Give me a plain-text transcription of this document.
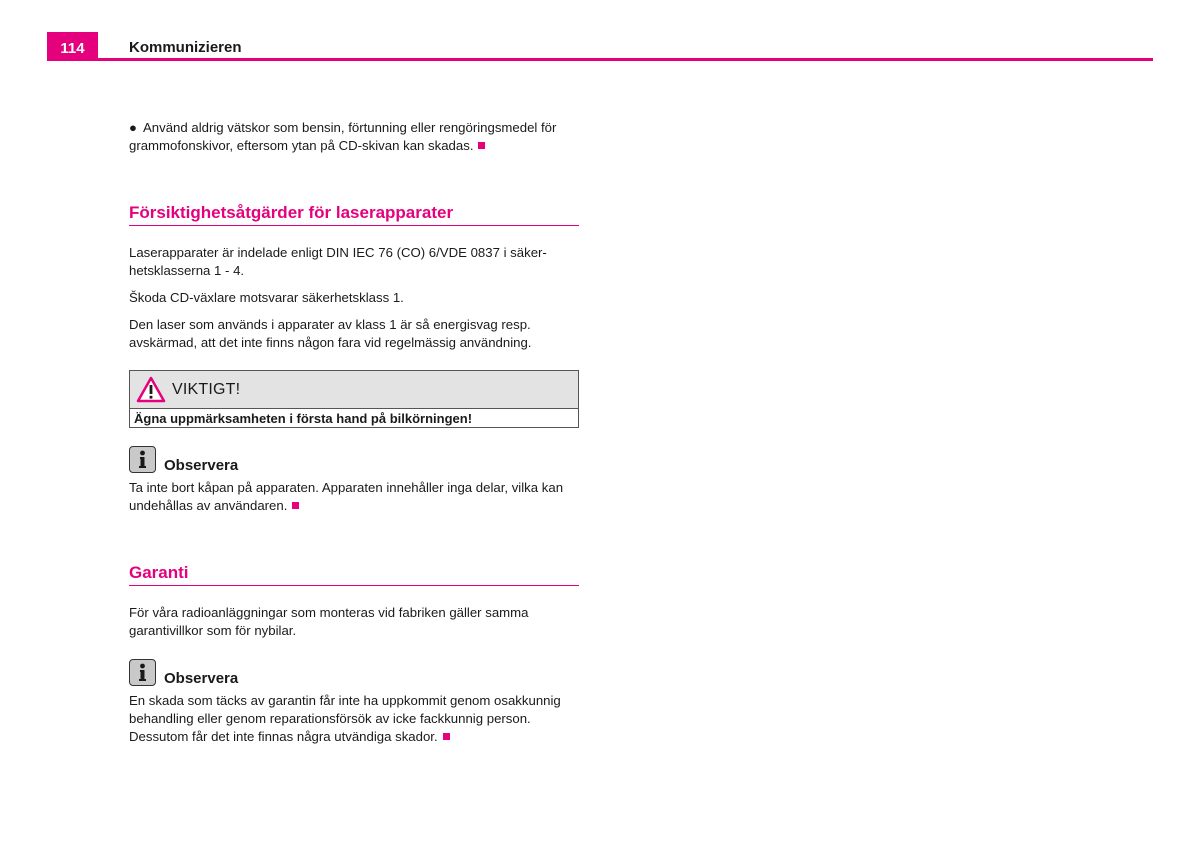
114	Kommunizieren

● Använd aldrig vätskor som bensin, förtunning eller rengöringsmedel för grammofonskivor, eftersom ytan på CD-skivan kan skadas.

Försiktighetsåtgärder för laserapparater

Laserapparater är indelade enligt DIN IEC 76 (CO) 6/VDE 0837 i säker-hetsklasserna 1 - 4.

Škoda CD-växlare motsvarar säkerhetsklass 1.

Den laser som används i apparater av klass 1 är så energisvag resp. avskärmad, att det inte finns någon fara vid regelmässig användning.

VIKTIGT!
Ägna uppmärksamheten i första hand på bilkörningen!
Observera

Ta inte bort kåpan på apparaten. Apparaten innehåller inga delar, vilka kan undehållas av användaren.

Garanti

För våra radioanläggningar som monteras vid fabriken gäller samma garantivillkor som för nybilar.

Observera

En skada som täcks av garantin får inte ha uppkommit genom osakkunnig behandling eller genom reparationsförsök av icke fackkunnig person. Dessutom får det inte finnas några utvändiga skador.
